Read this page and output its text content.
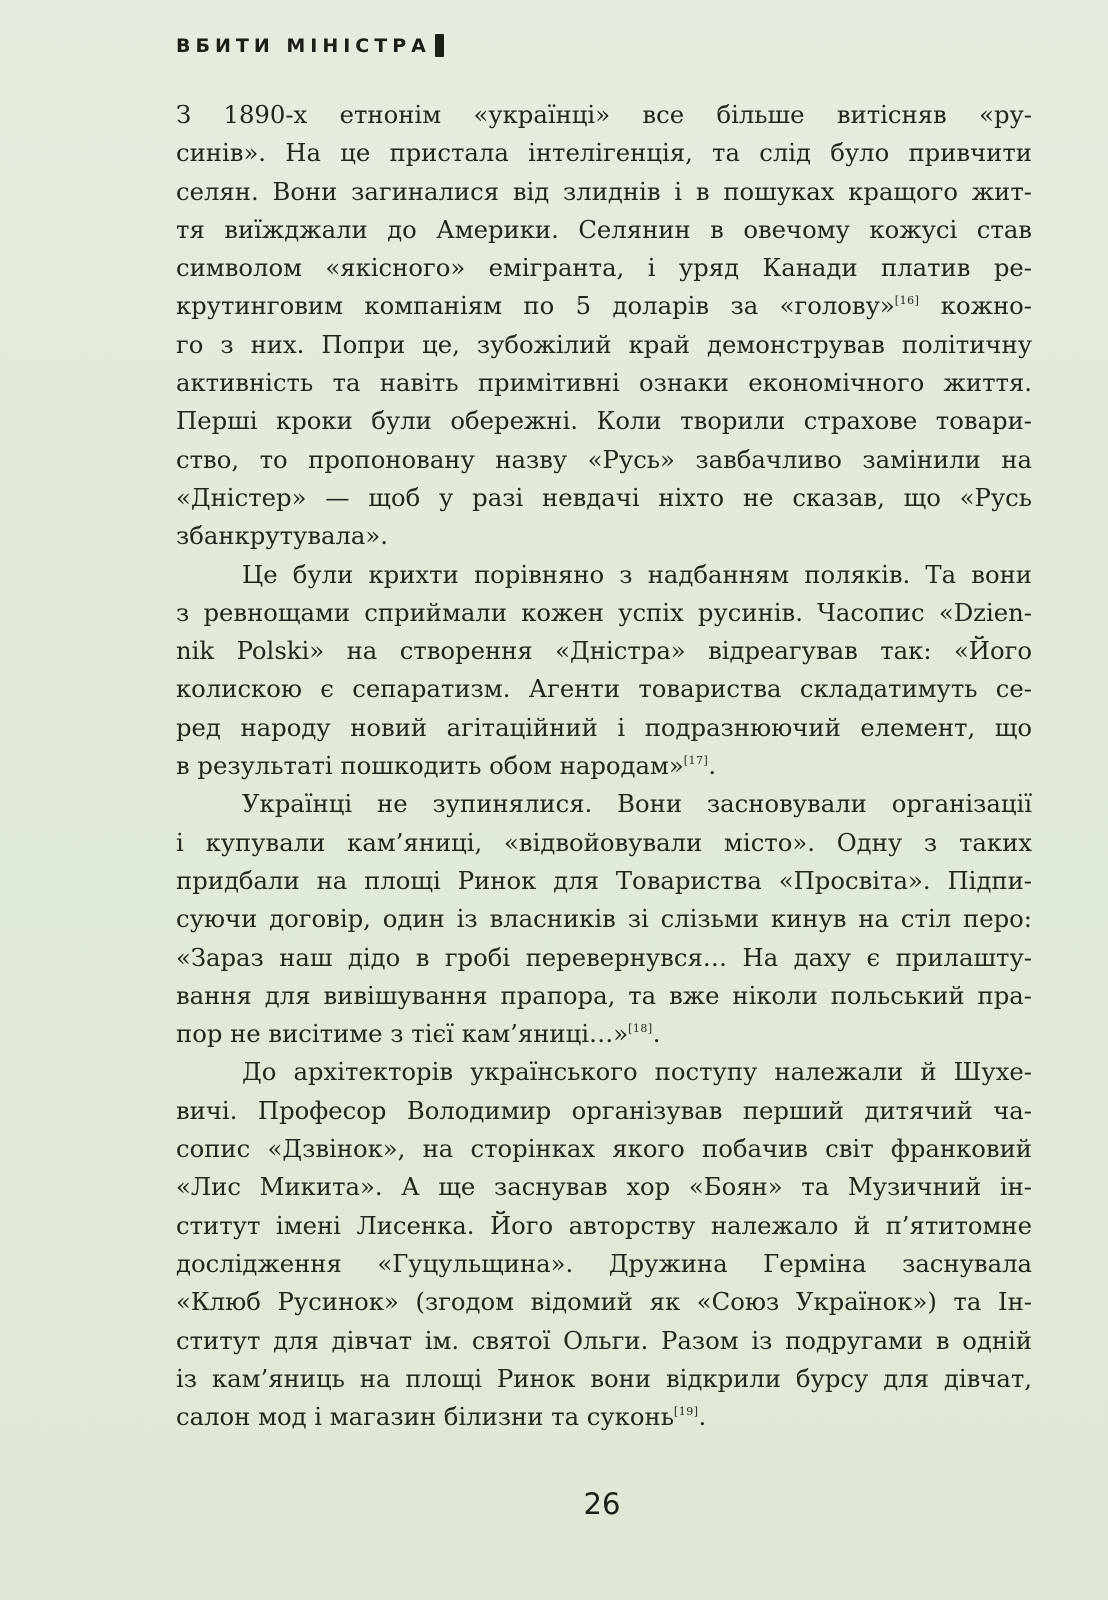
ВБИТИ МІНІСТРА
З 1890-х етнонім «українці» все більше витісняв «ру-
синів». На це пристала інтелігенція, та слід було привчити
селян. Вони загиналися від злиднів і в пошуках кращого жит-
тя виїжджали до Америки. Селянин в овечому кожусі став
символом «якісного» емігранта, і уряд Канади платив ре-
крутинговим компаніям по 5 доларів за «голову»[16] кожно-
го з них. Попри це, зубожілий край демонстрував політичну
активність та навіть примітивні ознаки економічного життя.
Перші кроки були обережні. Коли творили страхове товари-
ство, то пропоновану назву «Русь» завбачливо замінили на
«Дністер» — щоб у разі невдачі ніхто не сказав, що «Русь
збанкрутувала».
Це були крихти порівняно з надбанням поляків. Та вони
з ревнощами сприймали кожен успіх русинів. Часопис «Dzien-
nik Polski» на створення «Дністра» відреагував так: «Його
колискою є сепаратизм. Агенти товариства складатимуть се-
ред народу новий агітаційний і подразнюючий елемент, що
в результаті пошкодить обом народам»[17].
Українці не зупинялися. Вони засновували організації
і купували кам’яниці, «відвойовували місто». Одну з таких
придбали на площі Ринок для Товариства «Просвіта». Підпи-
суючи договір, один із власників зі слізьми кинув на стіл перо:
«Зараз наш дідо в гробі перевернувся… На даху є прилашту-
вання для вивішування прапора, та вже ніколи польський пра-
пор не висітиме з тієї кам’яниці…»[18].
До архітекторів українського поступу належали й Шухе-
вичі. Професор Володимир організував перший дитячий ча-
сопис «Дзвінок», на сторінках якого побачив світ франковий
«Лис Микита». А ще заснував хор «Боян» та Музичний ін-
ститут імені Лисенка. Його авторству належало й п’ятитомне
дослідження «Гуцульщина». Дружина Герміна заснувала
«Клюб Русинок» (згодом відомий як «Союз Українок») та Ін-
ститут для дівчат ім. святої Ольги. Разом із подругами в одній
із кам’яниць на площі Ринок вони відкрили бурсу для дівчат,
салон мод і магазин білизни та суконь[19].
26
